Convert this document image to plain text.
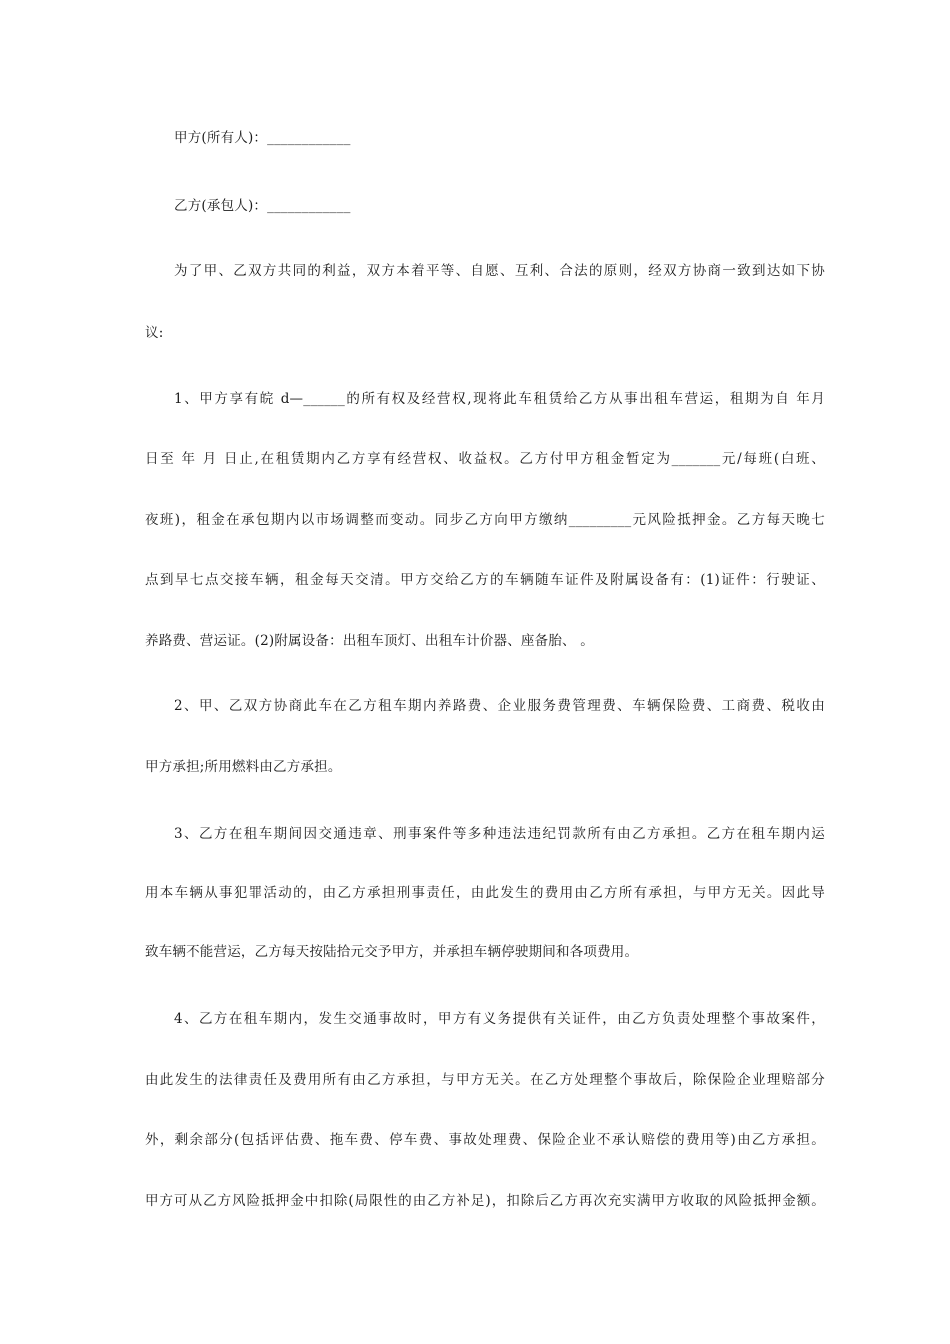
甲方(所有人)：____________
乙方(承包人)：____________
为了甲、乙双方共同的利益，双方本着平等、自愿、互利、合法的原则，经双方协商一致到达如下协
议:
1、甲方享有皖 d—______的所有权及经营权,现将此车租赁给乙方从事出租车营运，租期为自 年月
日至 年 月 日止,在租赁期内乙方享有经营权、收益权。乙方付甲方租金暂定为_______元/每班(白班、
夜班)，租金在承包期内以市场调整而变动。同步乙方向甲方缴纳_________元风险抵押金。乙方每天晚七
点到早七点交接车辆，租金每天交清。甲方交给乙方的车辆随车证件及附属设备有：(1)证件：行驶证、
养路费、营运证。(2)附属设备：出租车顶灯、出租车计价器、座备胎、 。
2、甲、乙双方协商此车在乙方租车期内养路费、企业服务费管理费、车辆保险费、工商费、税收由
甲方承担;所用燃料由乙方承担。
3、乙方在租车期间因交通违章、刑事案件等多种违法违纪罚款所有由乙方承担。乙方在租车期内运
用本车辆从事犯罪活动的，由乙方承担刑事责任，由此发生的费用由乙方所有承担，与甲方无关。因此导
致车辆不能营运，乙方每天按陆拾元交予甲方，并承担车辆停驶期间和各项费用。
4、乙方在租车期内，发生交通事故时，甲方有义务提供有关证件，由乙方负责处理整个事故案件，
由此发生的法律责任及费用所有由乙方承担，与甲方无关。在乙方处理整个事故后，除保险企业理赔部分
外，剩余部分(包括评估费、拖车费、停车费、事故处理费、保险企业不承认赔偿的费用等)由乙方承担。
甲方可从乙方风险抵押金中扣除(局限性的由乙方补足)，扣除后乙方再次充实满甲方收取的风险抵押金额。
